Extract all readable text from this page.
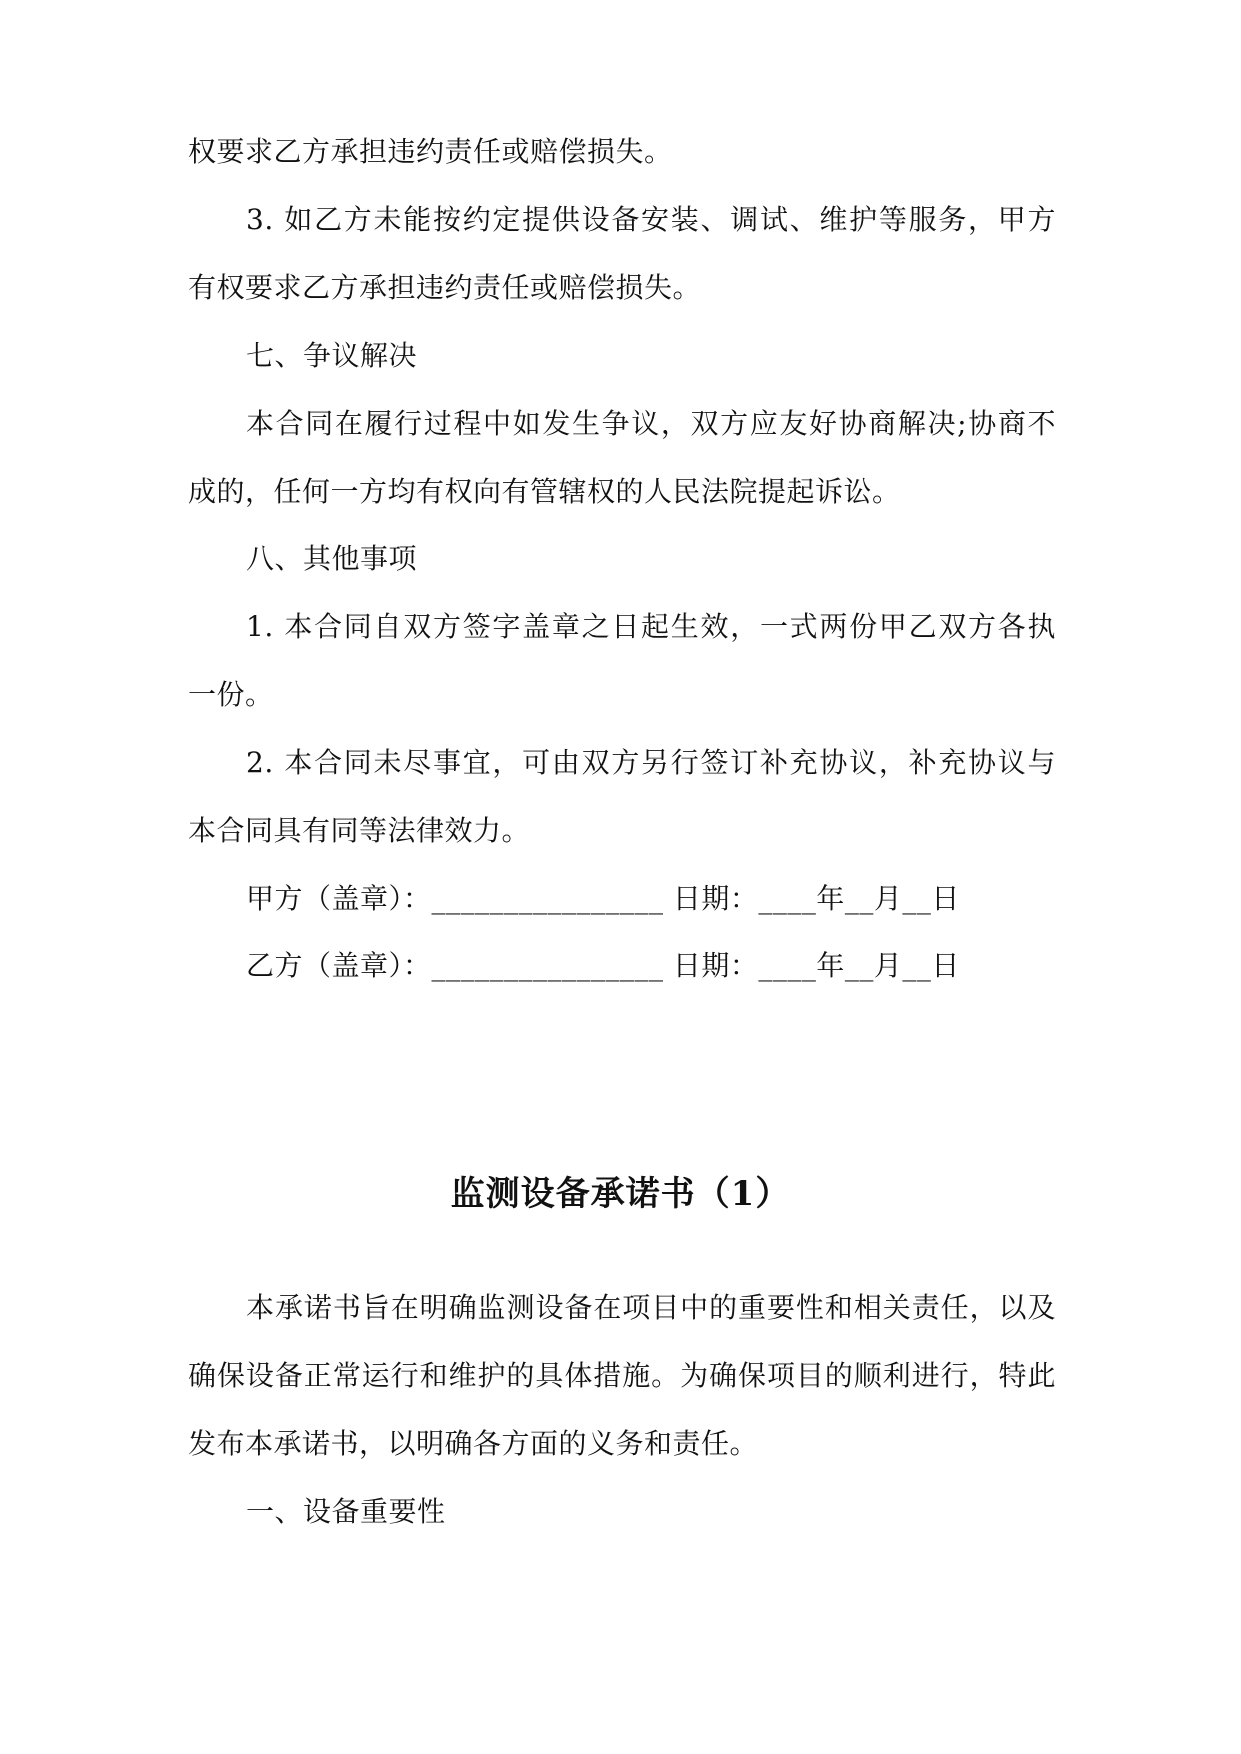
权要求乙方承担违约责任或赔偿损失。
3. 如乙方未能按约定提供设备安装、调试、维护等服务，甲方
有权要求乙方承担违约责任或赔偿损失。
七、争议解决
本合同在履行过程中如发生争议，双方应友好协商解决;协商不
成的，任何一方均有权向有管辖权的人民法院提起诉讼。
八、其他事项
1. 本合同自双方签字盖章之日起生效，一式两份甲乙双方各执
一份。
2. 本合同未尽事宜，可由双方另行签订补充协议，补充协议与
本合同具有同等法律效力。
甲方（盖章）：________________ 日期：____年__月__日
乙方（盖章）：________________ 日期：____年__月__日
监测设备承诺书（1）
本承诺书旨在明确监测设备在项目中的重要性和相关责任，以及
确保设备正常运行和维护的具体措施。为确保项目的顺利进行，特此
发布本承诺书，以明确各方面的义务和责任。
一、设备重要性
